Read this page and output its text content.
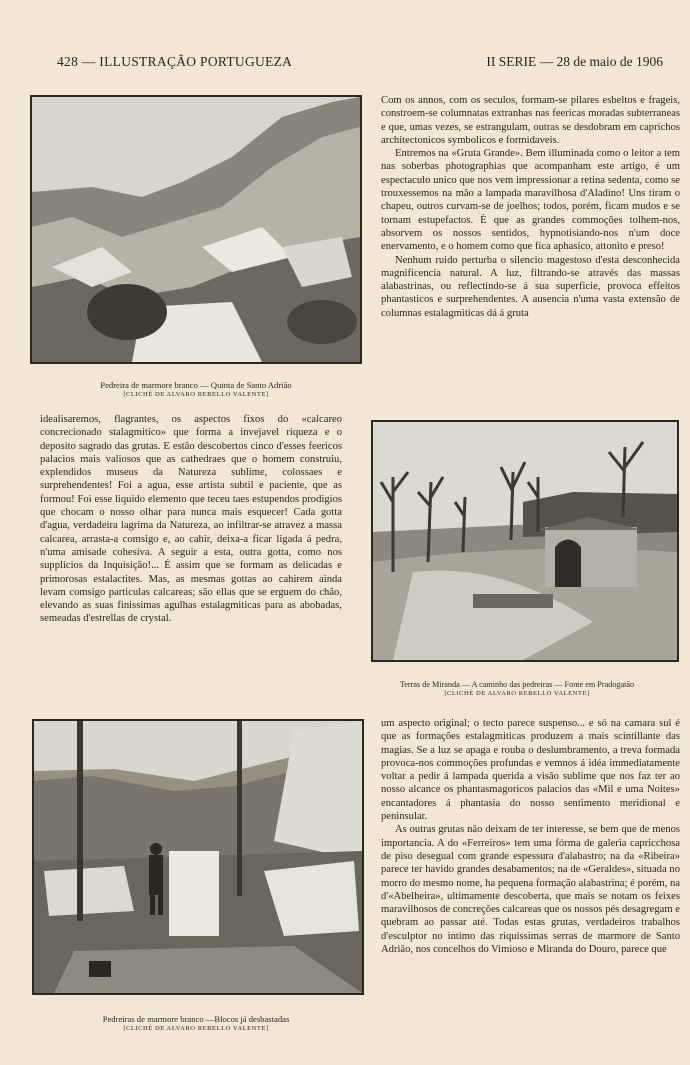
428 — ILLUSTRAÇÃO PORTUGUEZA	II SERIE — 28 de maio de 1906
Pedreira de marmore branco — Quinta de Santo Adrião
[CLICHÉ DE ALVARO REBELLO VALENTE]
Terras de Miranda — A caminho das pedreiras — Fonte em Pradogatão
[CLICHÉ DE ALVARO REBELLO VALENTE]
Pedreiras de marmore branco —Blocos já desbastadas
[CLICHÉ DE ALVARO REBELLO VALENTE]

Com os annos, com os seculos, formam-se pilares esbeltos e frageis, constroem-se columnatas extranhas nas feericas moradas subterraneas e que, umas vezes, se estrangulam, outras se desdobram em caprichos architectonicos symbolicos e formidaveis.

Entremos na «Gruta Grande». Bem illuminada como o leitor a tem nas soberbas photographias que acompanham este artigo, é um espectaculo unico que nos vem impressionar a retina sedenta, como se trouxessemos na mão a lampada maravilhosa d'Aladino! Uns tiram o chapeu, outros curvam-se de joelhos; todos, porém, ficam mudos e se tornam estupefactos. É que as grandes commoções tolhem-nos, absorvem os nossos sentidos, hypnotisiando-nos n'um doce enervamento, e o homem como que fica aphasico, attonito e preso!

Nenhum ruido perturba o silencio magestoso d'esta desconhecida magnificencia natural. A luz, filtrando-se através das massas alabastrinas, ou reflectindo-se á sua superficie, provoca effeitos phantasticos e surprehendentes. A ausencia n'uma vasta extensão de columnas estalagmiticas dá á gruta

idealisaremos, flagrantes, os aspectos fixos do «calcareo concrecionado stalagmitico» que forma a invejavel riqueza e o deposito sagrado das grutas. E estão descobertos cinco d'esses feericos palacios mais valiosos que as cathedraes que o homem construiu, explendidos museus da Natureza sublime, colossaes e surprehendentes! Foi a agua, esse artista subtil e paciente, que as formou! Foi esse liquido elemento que teceu taes estupendos prodigios que chocam o nosso olhar para nunca mais esquecer! Cada gotta d'agua, verdadeira lagrima da Natureza, ao infiltrar-se atravez a massa calcarea, arrasta-a comsigo e, ao cahir, deixa-a ficar ligada á pedra, n'uma amisade cohesiva. A seguir a esta, outra gotta, como nos supplicios da Inquisição!... É assim que se formam as delicadas e primorosas estalactites. Mas, as mesmas gottas ao cahirem ainda levam comsigo particulas calcareas; são ellas que se erguem do chão, elevando as suas finissimas agulhas estalagmiticas para as abobadas, semeadas d'estrellas de crystal.

um aspecto original; o tecto parece suspenso... e só na camara sul é que as formações estalagmiticas produzem a mais scintillante das magias. Se a luz se apaga e rouba o deslumbramento, a treva formada provoca-nos commoções profundas e vemnos á idéa immediatamente voltar a pedir á lampada querida a visão sublime que nos faz ter ao nosso alcance os phantasmagoricos palacios das «Mil e uma Noites» encantadores á phantasia do nosso sentimento meridional e peninsular.

As outras grutas não deixam de ter interesse, se bem que de menos importancia. A do «Ferreiros» tem uma fórma de galeria capricchosa de piso desegual com grande espessura d'alabastro; na da «Ribeira» parece ter havido grandes desabamentos; na de «Geraldes», situada no morro do mesmo nome, ha pequena formação alabastrina; é porém, na d'«Abelheira», ultimamente descoberta, que mais se notam os feixes maravilhosos de concreções calcareas que os nossos pés desagregam e quebram ao passar até. Todas estas grutas, verdadeiros trabalhos d'esculptor no intimo das riquissimas serras de marmore de Santo Adrião, nos concelhos do Vimioso e Miranda do Douro, parece que
